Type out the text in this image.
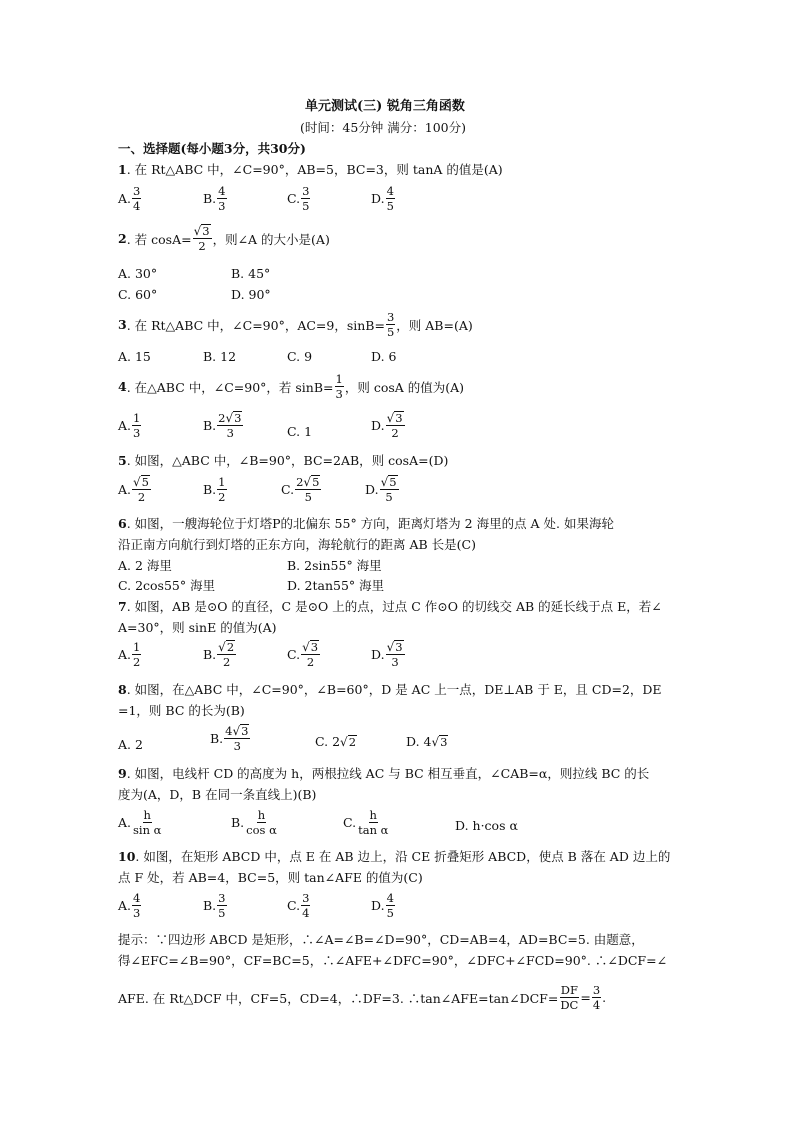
单元测试(三) 锐角三角函数
(时间：45分钟 满分：100分)
一、选择题(每小题3分，共30分)
1. 在 Rt△ABC 中，∠C=90°，AB=5，BC=3，则 tanA 的值是(A)
A. $\frac{3}{4}$	B. $\frac{4}{3}$	C. $\frac{3}{5}$	D. $\frac{4}{5}$
2 . 若 $\cos A= \frac{√ 3}{2}$ ，则∠A 的大小是(A)
A. 30°	B. 45°
C. 60°	D. 90°
3 . 在 Rt△ABC 中，∠C=90°，AC=9，$\sin B= \frac{3}{5}$ ，则 AB=(A)
A. 15	B. 12	C. 9	D. 6
4 . 在△ABC 中，∠C=90°，若 $\sin B= \frac{1}{3}$ ，则 cosA 的值为(A)
A. $\frac{1}{3}$	B. $\frac{2 √ 3}{3}$	C. 1	D. $\frac{√ 3}{2}$
5. 如图，△ABC 中，∠B=90°，BC=2AB，则 cosA=(D)
A. $\frac{√ 5}{2}$	B. $\frac{1}{2}$	C. $\frac{2 √ 5}{5}$	D. $\frac{√ 5}{5}$
6. 如图，一艘海轮位于灯塔P的北偏东 55° 方向，距离灯塔为 2 海里的点 A 处. 如果海轮
沿正南方向航行到灯塔的正东方向，海轮航行的距离 AB 长是(C)
A. 2 海里	B. 2sin55° 海里
C. 2cos55° 海里	D. 2tan55° 海里
7. 如图，AB 是⊙O 的直径，C 是⊙O 上的点，过点 C 作⊙O 的切线交 AB 的延长线于点 E，若∠
A=30°，则 sinE 的值为(A)
A. $\frac{1}{2}$	B. $\frac{√ 2}{2}$	C. $\frac{√ 3}{2}$	D. $\frac{√ 3}{3}$
8. 如图，在△ABC 中，∠C=90°，∠B=60°，D 是 AC 上一点，DE⊥AB 于 E，且 CD=2，DE
=1，则 BC 的长为(B)
A. 2	B. $\frac{4 √ 3}{3}$	C. 2 √ 2	D. 4 √ 3
9. 如图，电线杆 CD 的高度为 h，两根拉线 AC 与 BC 相互垂直，∠CAB=α，则拉线 BC 的长
度为(A，D，B 在同一条直线上)(B)
A. $\frac{h}{\text{sin α}}$	B. $\frac{h}{\text{cos α}}$	C. $\frac{h}{\text{tan α}}$	D. h·cos α
10. 如图，在矩形 ABCD 中，点 E 在 AB 边上，沿 CE 折叠矩形 ABCD，使点 B 落在 AD 边上的
点 F 处，若 AB=4，BC=5，则 tan∠AFE 的值为(C)
A. $\frac{4}{3}$	B. $\frac{3}{5}$	C. $\frac{3}{4}$	D. $\frac{4}{5}$
提示：∵四边形 ABCD 是矩形，∴∠A=∠B=∠D=90°，CD=AB=4，AD=BC=5. 由题意，
得∠EFC=∠B=90°，CF=BC=5，∴∠AFE+∠DFC=90°，∠DFC+∠FCD=90°. ∴∠DCF=∠
AFE. 在 Rt△DCF 中，CF=5，CD=4，∴DF=3. ∴tan∠AFE=tan∠DCF= $\frac{DF}{DC} = \frac{3}{4}$ .
